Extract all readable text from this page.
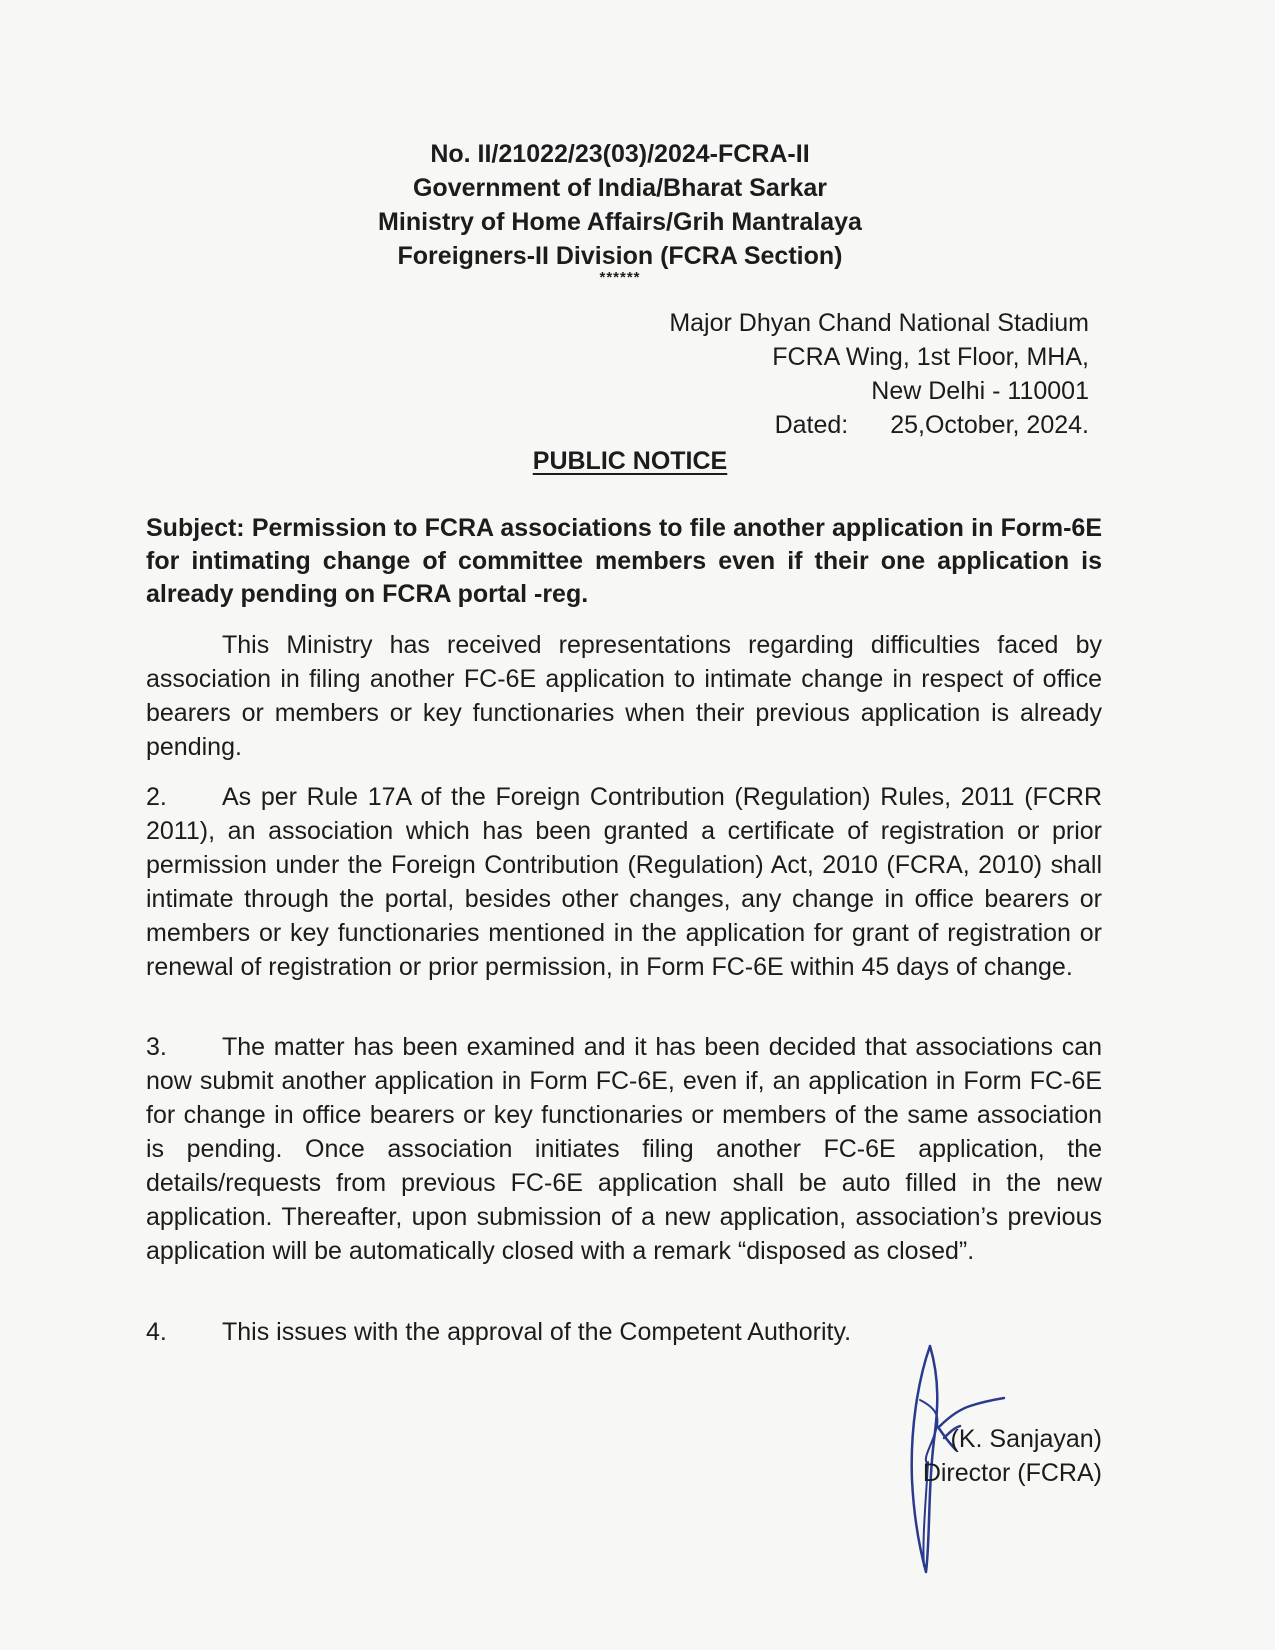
No. II/21022/23(03)/2024-FCRA-II
Government of India/Bharat Sarkar
Ministry of Home Affairs/Grih Mantralaya
Foreigners-II Division (FCRA Section)
******
Major Dhyan Chand National Stadium
FCRA Wing, 1st Floor, MHA,
New Delhi - 110001
Dated: 25,October, 2024.
PUBLIC NOTICE
Subject: Permission to FCRA associations to file another application in Form-6E for intimating change of committee members even if their one application is already pending on FCRA portal -reg.
This Ministry has received representations regarding difficulties faced by association in filing another FC-6E application to intimate change in respect of office bearers or members or key functionaries when their previous application is already pending.
2. As per Rule 17A of the Foreign Contribution (Regulation) Rules, 2011 (FCRR 2011), an association which has been granted a certificate of registration or prior permission under the Foreign Contribution (Regulation) Act, 2010 (FCRA, 2010) shall intimate through the portal, besides other changes, any change in office bearers or members or key functionaries mentioned in the application for grant of registration or renewal of registration or prior permission, in Form FC-6E within 45 days of change.
3. The matter has been examined and it has been decided that associations can now submit another application in Form FC-6E, even if, an application in Form FC-6E for change in office bearers or key functionaries or members of the same association is pending. Once association initiates filing another FC-6E application, the details/requests from previous FC-6E application shall be auto filled in the new application. Thereafter, upon submission of a new application, association’s previous application will be automatically closed with a remark “disposed as closed”.
4. This issues with the approval of the Competent Authority.
(K. Sanjayan)
Director (FCRA)
